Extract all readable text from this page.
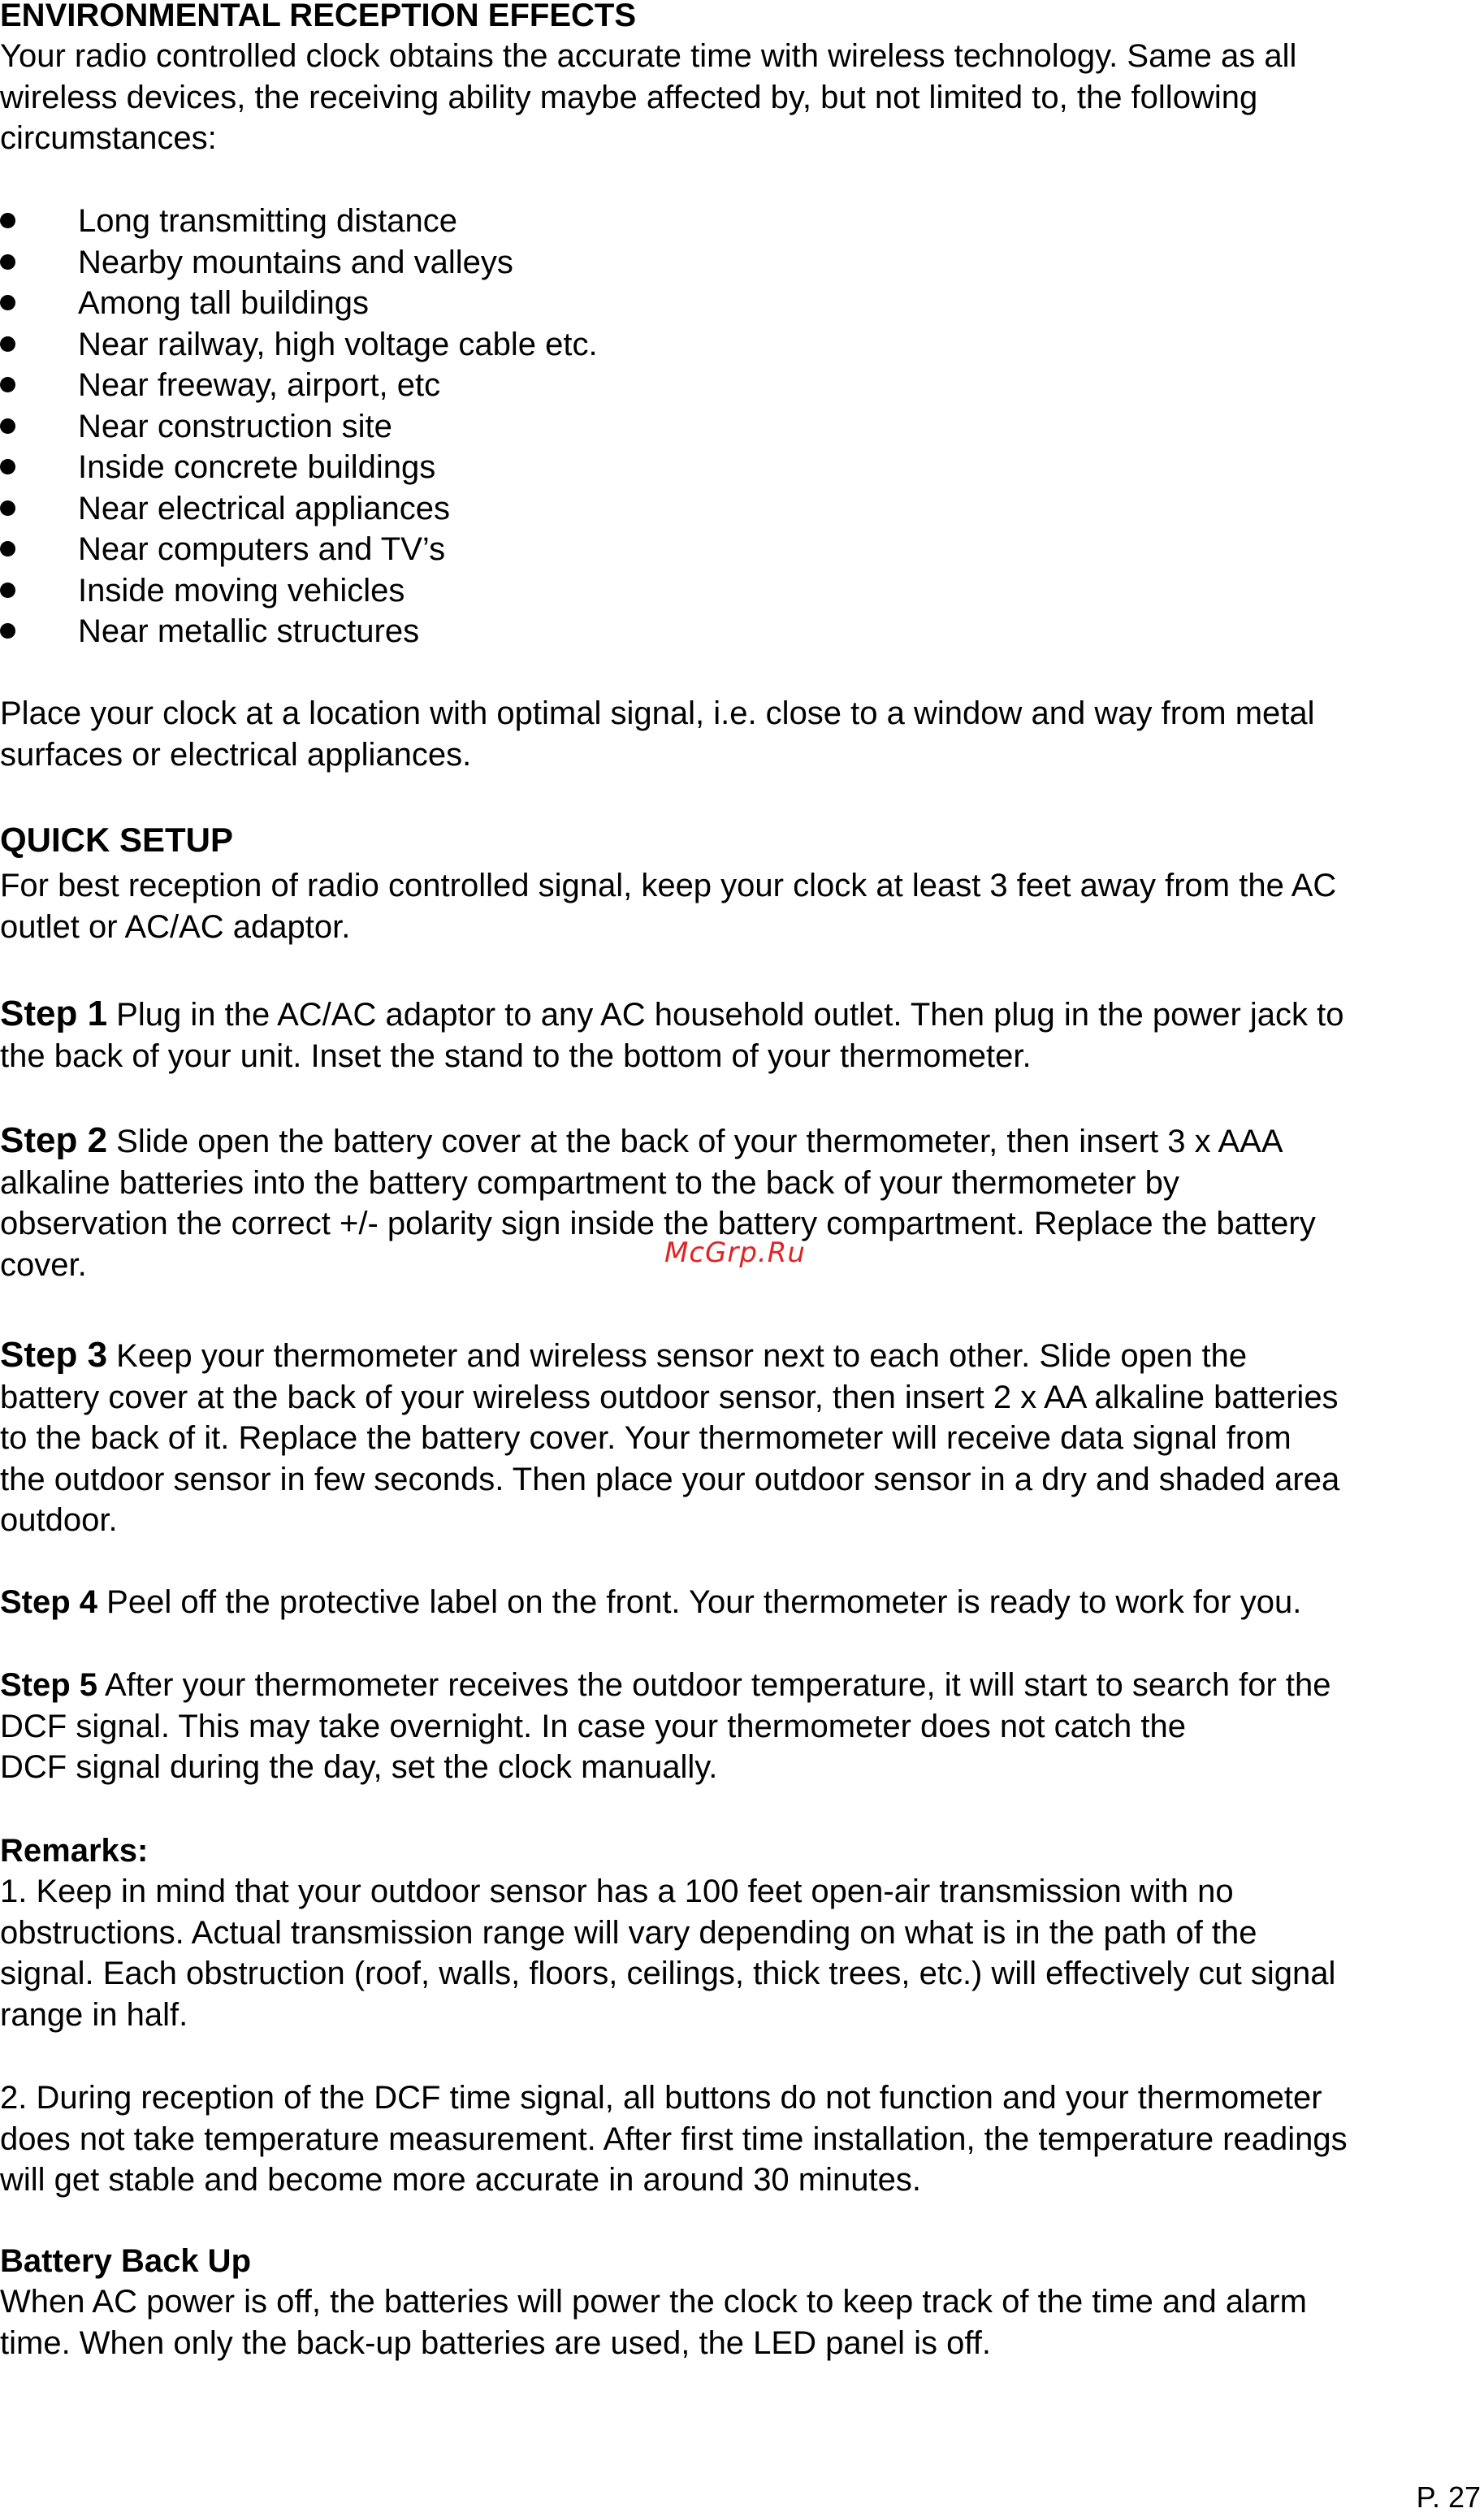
ENVIRONMENTAL RECEPTION EFFECTS
Your radio controlled clock obtains the accurate time with wireless technology. Same as all
wireless devices, the receiving ability maybe affected by, but not limited to, the following
circumstances:
Long transmitting distance
Nearby mountains and valleys
Among tall buildings
Near railway, high voltage cable etc.
Near freeway, airport, etc
Near construction site
Inside concrete buildings
Near electrical appliances
Near computers and TV’s
Inside moving vehicles
Near metallic structures
Place your clock at a location with optimal signal, i.e. close to a window and way from metal
surfaces or electrical appliances.
QUICK SETUP
For best reception of radio controlled signal, keep your clock at least 3 feet away from the AC
outlet or AC/AC adaptor.
Step 1 Plug in the AC/AC adaptor to any AC household outlet. Then plug in the power jack to
the back of your unit. Inset the stand to the bottom of your thermometer.
Step 2 Slide open the battery cover at the back of your thermometer, then insert 3 x AAA
alkaline batteries into the battery compartment to the back of your thermometer by
observation the correct +/- polarity sign inside the battery compartment. Replace the battery
cover.
Step 3 Keep your thermometer and wireless sensor next to each other. Slide open the
battery cover at the back of your wireless outdoor sensor, then insert 2 x AA alkaline batteries
to the back of it. Replace the battery cover. Your thermometer will receive data signal from
the outdoor sensor in few seconds. Then place your outdoor sensor in a dry and shaded area
outdoor.
Step 4 Peel off the protective label on the front. Your thermometer is ready to work for you.
Step 5 After your thermometer receives the outdoor temperature, it will start to search for the
DCF signal. This may take overnight. In case your thermometer does not catch the
DCF signal during the day, set the clock manually.
Remarks:
1. Keep in mind that your outdoor sensor has a 100 feet open-air transmission with no
obstructions. Actual transmission range will vary depending on what is in the path of the
signal. Each obstruction (roof, walls, floors, ceilings, thick trees, etc.) will effectively cut signal
range in half.
2. During reception of the DCF time signal, all buttons do not function and your thermometer
does not take temperature measurement. After first time installation, the temperature readings
will get stable and become more accurate in around 30 minutes.
Battery Back Up
When AC power is off, the batteries will power the clock to keep track of the time and alarm
time. When only the back-up batteries are used, the LED panel is off.
McGrp.Ru
P. 27
